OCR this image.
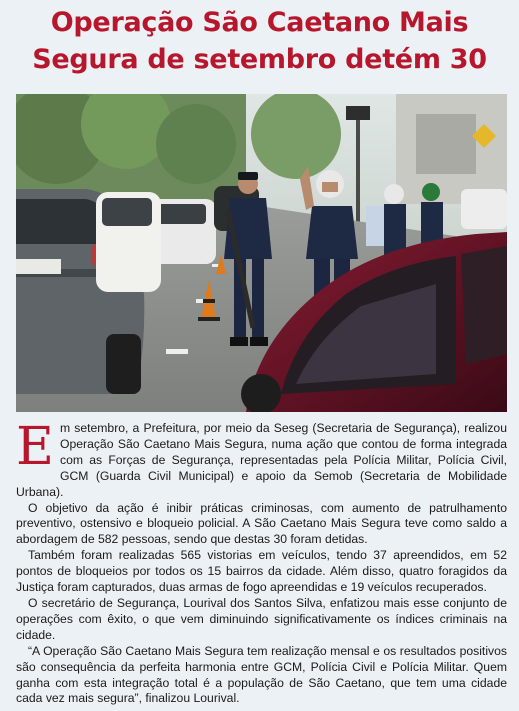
Operação São Caetano Mais
Segura de setembro detém 30

Em setembro, a Prefeitura, por meio da Seseg (Secretaria de Segurança), realizou Operação São Caetano Mais Segura, numa ação que contou de forma integrada com as Forças de Segurança, representadas pela Polícia Militar, Polícia Civil, GCM (Guarda Civil Municipal) e apoio da Semob (Secretaria de Mobilidade Urbana).

O objetivo da ação é inibir práticas criminosas, com aumento de patrulhamento preventivo, ostensivo e bloqueio policial. A São Caetano Mais Segura teve como saldo a abordagem de 582 pessoas, sendo que destas 30 foram detidas.

Também foram realizadas 565 vistorias em veículos, tendo 37 apreendidos, em 52 pontos de bloqueios por todos os 15 bairros da cidade. Além disso, quatro foragidos da Justiça foram capturados, duas armas de fogo apreendidas e 19 veículos recuperados.

O secretário de Segurança, Lourival dos Santos Silva, enfatizou mais esse conjunto de operações com êxito, o que vem diminuindo significativamente os índices criminais na cidade.

“A Operação São Caetano Mais Segura tem realização mensal e os resultados positivos são consequência da perfeita harmonia entre GCM, Polícia Civil e Polícia Militar. Quem ganha com esta integração total é a população de São Caetano, que tem uma cidade cada vez mais segura”, finalizou Lourival.
